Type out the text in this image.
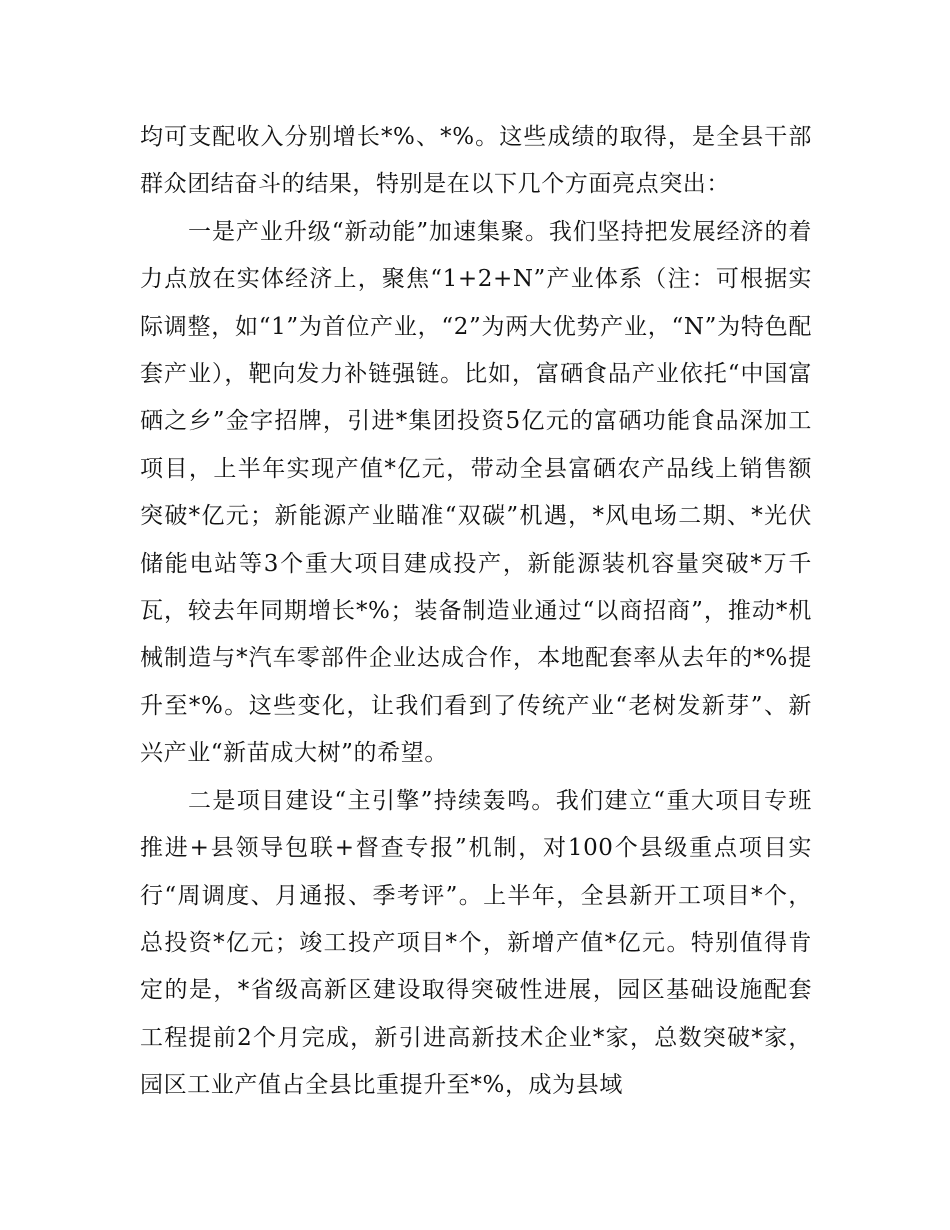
均可支配收入分别增长*%、*%。这些成绩的取得，是全县干部群众团结奋斗的结果，特别是在以下几个方面亮点突出：

一是产业升级“新动能”加速集聚。我们坚持把发展经济的着力点放在实体经济上，聚焦“1+2+N”产业体系（注：可根据实际调整，如“1”为首位产业，“2”为两大优势产业，“N”为特色配套产业），靶向发力补链强链。比如，富硒食品产业依托“中国富硒之乡”金字招牌，引进*集团投资5亿元的富硒功能食品深加工项目，上半年实现产值*亿元，带动全县富硒农产品线上销售额突破*亿元；新能源产业瞄准“双碳”机遇，*风电场二期、*光伏储能电站等3个重大项目建成投产，新能源装机容量突破*万千瓦，较去年同期增长*%；装备制造业通过“以商招商”，推动*机械制造与*汽车零部件企业达成合作，本地配套率从去年的*%提升至*%。这些变化，让我们看到了传统产业“老树发新芽”、新兴产业“新苗成大树”的希望。

二是项目建设“主引擎”持续轰鸣。我们建立“重大项目专班推进+县领导包联+督查专报”机制，对100个县级重点项目实行“周调度、月通报、季考评”。上半年，全县新开工项目*个，总投资*亿元；竣工投产项目*个，新增产值*亿元。特别值得肯定的是，*省级高新区建设取得突破性进展，园区基础设施配套工程提前2个月完成，新引进高新技术企业*家，总数突破*家，园区工业产值占全县比重提升至*%，成为县域
